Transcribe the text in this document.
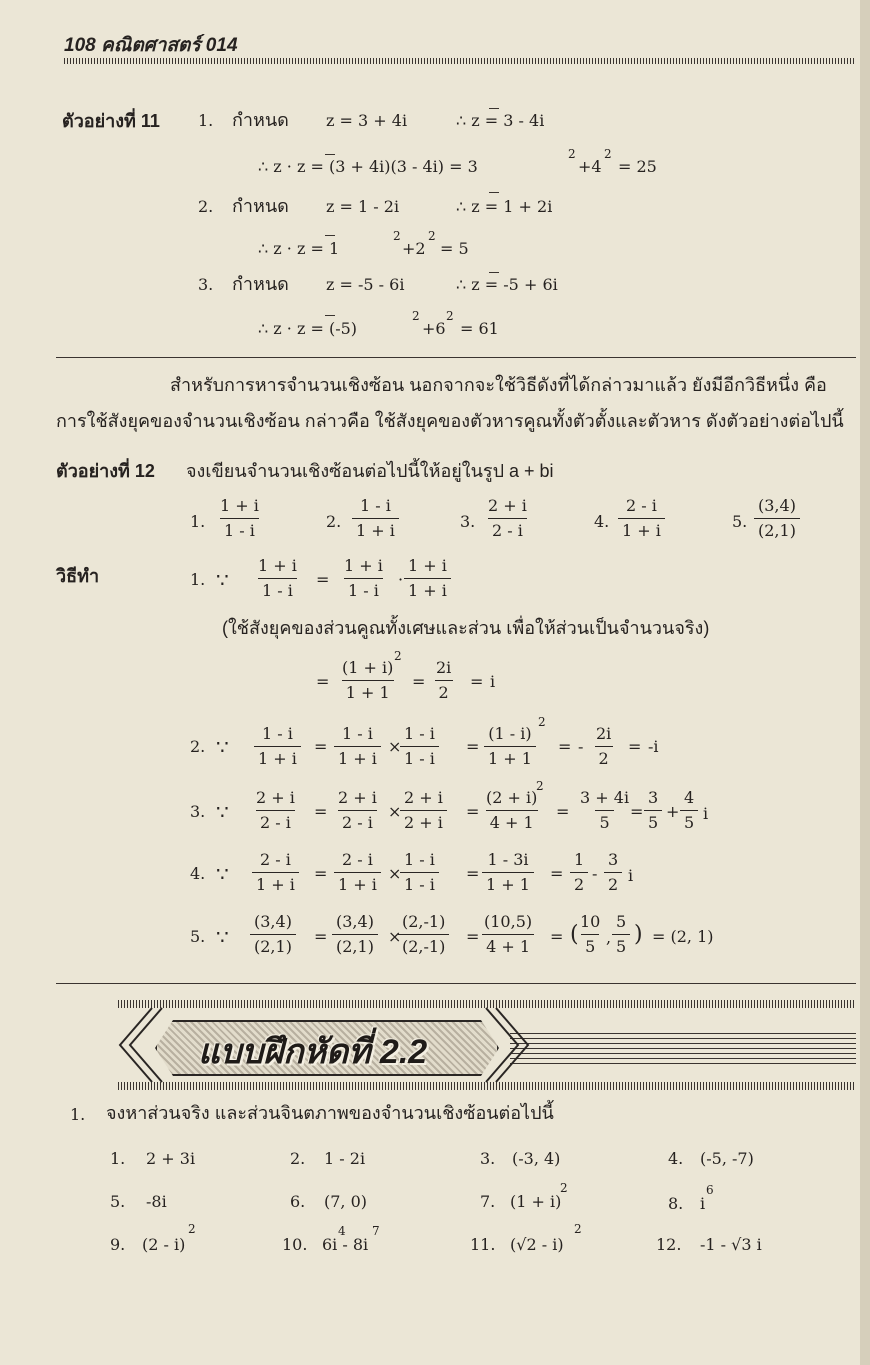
108 คณิตศาสตร์ 014
ตัวอย่างที่ 11 1. กำหนด z = 3 + 4i	∴ z = 3 - 4i
∴ z · z = (3 + 4i)(3 - 4i) = 3
2
+4
2
= 25
2. กำหนด z = 1 - 2i	∴ z = 1 + 2i
∴ z · z = 1
2
+2
2
= 5
3. กำหนด z = -5 - 6i	∴ z = -5 + 6i
∴ z · z = (-5)
2
+6
2
= 61
สำหรับการหารจำนวนเชิงซ้อน นอกจากจะใช้วิธีดังที่ได้กล่าวมาแล้ว ยังมีอีกวิธีหนึ่ง คือ
การใช้สังยุคของจำนวนเชิงซ้อน กล่าวคือ ใช้สังยุคของตัวหารคูณทั้งตัวตั้งและตัวหาร ดังตัวอย่างต่อไปนี้
ตัวอย่างที่ 12 จงเขียนจำนวนเชิงซ้อนต่อไปนี้ให้อยู่ในรูป a + bi
1. $\frac{1 + i}{1 - i}$	2. $\frac{1 - i}{1 + i}$	3. $\frac{2 + i}{2 - i}$	4. $\frac{2 - i}{1 + i}$	5. $\frac{(3,4)}{(2,1)}$
วิธีทำ	1. ∵ $\frac{1 + i}{1 - i} = \frac{1 + i}{1 - i} \cdot \frac{1 + i}{1 + i}$
(ใช้สังยุคของส่วนคูณทั้งเศษและส่วน เพื่อให้ส่วนเป็นจำนวนจริง)
= $\frac{(1 + i)}{1 + 1}$
2
= $\frac{2i}{2} = i$
2. ∵ $\frac{1 - i}{1 + i} = \frac{1 - i}{1 + i}$ ×
$\frac{1 - i}{1 - i} = \frac{(1 - i)}{1 + 1}$
2
= - $\frac{2i}{2} = -i$
3. ∵ $\frac{2 + i}{2 - i} = \frac{2 + i}{2 - i}$ ×
$\frac{2 + i}{2 + i} = \frac{(2 + i)}{4 + 1}$
2
= $\frac{3 + 4i}{5}$
= $\frac{3}{5} + \frac{4}{5}$ i
4. ∵ $\frac{2 - i}{1 + i} = \frac{2 - i}{1 + i}$ ×
$\frac{1 - i}{1 - i} = \frac{1 - 3i}{1 + 1} = \frac{1}{2} - \frac{3}{2}$ i
5. ∵ $\frac{(3,4)}{(2,1)} = \frac{(3,4)}{(2,1)}$ ×
$\frac{(2,-1)}{(2,-1)} = \frac{(10,5)}{4 + 1}$ = (
$\frac{10}{5}$ , $\frac{5}{5}$ ) = (2, 1)
แบบฝึกหัดที่ 2.2
1. จงหาส่วนจริง และส่วนจินตภาพของจำนวนเชิงซ้อนต่อไปนี้
1. 2 + 3i	2. 1 - 2i	3. (-3, 4)	4. (-5, -7)
5. -8i	6. (7, 0)	7. (1 + i)
2
8. i
6
9. (2 - i)
2
10. 6i - 8i
4 7
11. (√2 - i)
2
12. -1 - √3 i
